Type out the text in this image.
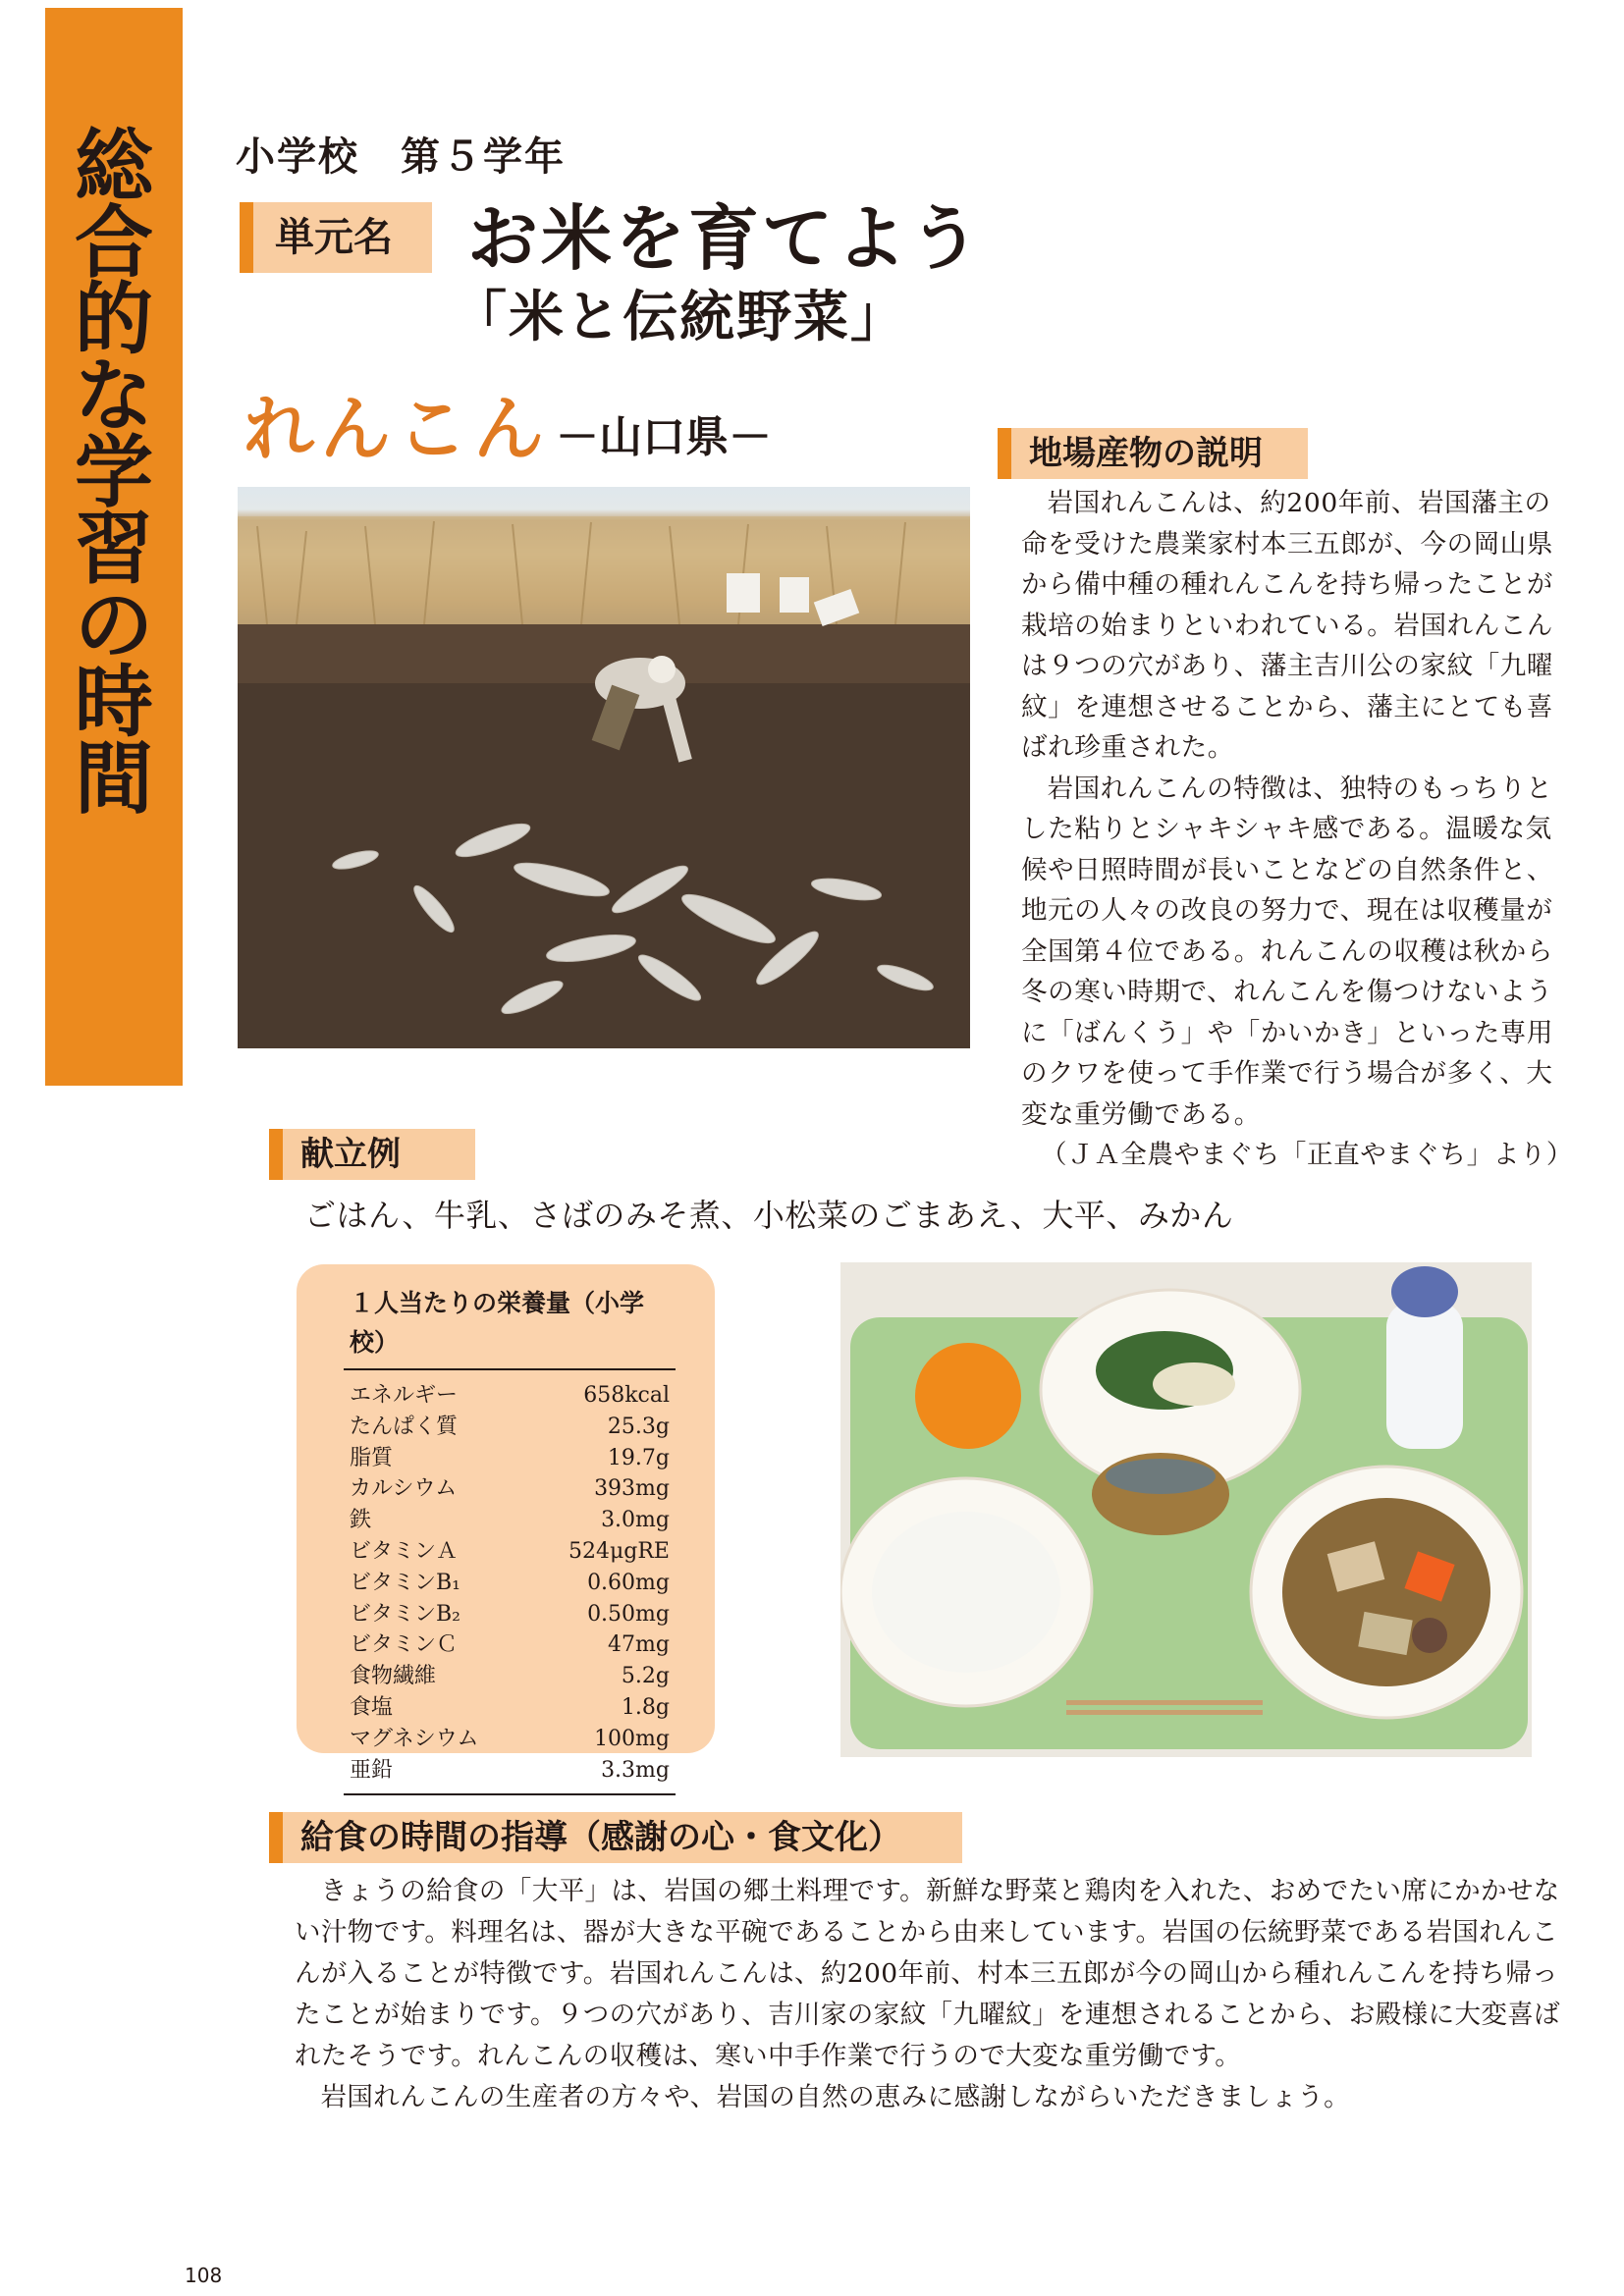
総
合
的
な
学
習
の
時
間
小学校　第５学年
単元名	お米を育てよう
「米と伝統野菜」
れんこん －山口県－	地場産物の説明

岩国れんこんは、約200年前、岩国藩主の命を受けた農業家村本三五郎が、今の岡山県から備中種の種れんこんを持ち帰ったことが栽培の始まりといわれている。岩国れんこんは９つの穴があり、藩主吉川公の家紋「九曜紋」を連想させることから、藩主にとても喜ばれ珍重された。

岩国れんこんの特徴は、独特のもっちりとした粘りとシャキシャキ感である。温暖な気候や日照時間が長いことなどの自然条件と、地元の人々の改良の努力で、現在は収穫量が全国第４位である。れんこんの収穫は秋から冬の寒い時期で、れんこんを傷つけないように「ばんくう」や「かいかき」といった専用のクワを使って手作業で行う場合が多く、大変な重労働である。

（ＪＡ全農やまぐち「正直やまぐち」より）

献立例
ごはん、牛乳、さばのみそ煮、小松菜のごまあえ、大平、みかん
１人当たりの栄養量（小学校）
エネルギー	658kcal
たんぱく質	25.3g
脂質	19.7g
カルシウム	393mg
鉄	3.0mg
ビタミンＡ	524μgRE
ビタミンB₁	0.60mg
ビタミンB₂	0.50mg
ビタミンＣ	47mg
食物繊維	5.2g
食塩	1.8g
マグネシウム	100mg
亜鉛	3.3mg
給食の時間の指導（感謝の心・食文化）

きょうの給食の「大平」は、岩国の郷土料理です。新鮮な野菜と鶏肉を入れた、おめでたい席にかかせない汁物です。料理名は、器が大きな平碗であることから由来しています。岩国の伝統野菜である岩国れんこんが入ることが特徴です。岩国れんこんは、約200年前、村本三五郎が今の岡山から種れんこんを持ち帰ったことが始まりです。９つの穴があり、吉川家の家紋「九曜紋」を連想されることから、お殿様に大変喜ばれたそうです。れんこんの収穫は、寒い中手作業で行うので大変な重労働です。

岩国れんこんの生産者の方々や、岩国の自然の恵みに感謝しながらいただきましょう。

108
